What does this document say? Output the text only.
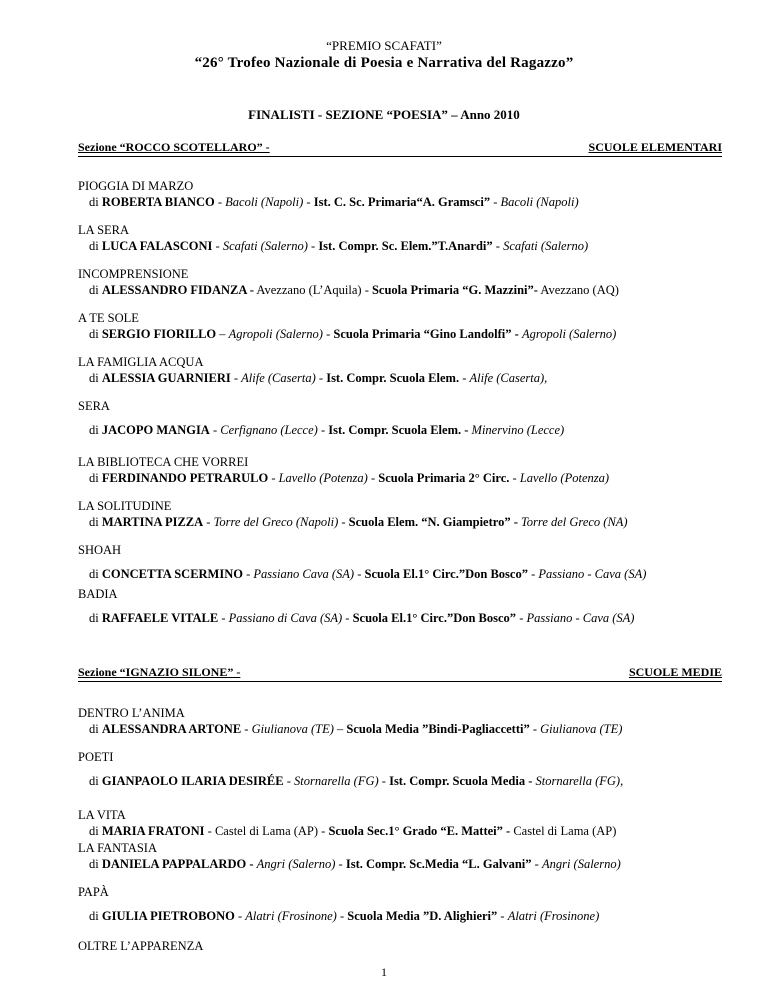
“PREMIO SCAFATI”
“26° Trofeo Nazionale di Poesia e Narrativa del Ragazzo”
FINALISTI - SEZIONE “POESIA” – Anno 2010
Sezione “ROCCO SCOTELLARO” -	SCUOLE ELEMENTARI
PIOGGIA DI MARZO
di ROBERTA BIANCO - Bacoli (Napoli) - Ist. C. Sc. Primaria“A. Gramsci” - Bacoli (Napoli)
LA SERA
di LUCA FALASCONI - Scafati (Salerno) - Ist. Compr. Sc. Elem.”T.Anardi” - Scafati (Salerno)
INCOMPRENSIONE
di ALESSANDRO FIDANZA - Avezzano (L’Aquila) - Scuola Primaria “G. Mazzini”- Avezzano (AQ)
A TE SOLE
di SERGIO FIORILLO – Agropoli (Salerno) - Scuola Primaria “Gino Landolfi” - Agropoli (Salerno)
LA FAMIGLIA ACQUA
di ALESSIA GUARNIERI - Alife (Caserta) - Ist. Compr. Scuola Elem. - Alife (Caserta),
SERA
di JACOPO MANGIA - Cerfignano (Lecce) - Ist. Compr. Scuola Elem. - Minervino (Lecce)
LA BIBLIOTECA CHE VORREI
di FERDINANDO PETRARULO - Lavello (Potenza) - Scuola Primaria 2° Circ. - Lavello (Potenza)
LA SOLITUDINE
di MARTINA PIZZA - Torre del Greco (Napoli) - Scuola Elem. “N. Giampietro” - Torre del Greco (NA)
SHOAH
di CONCETTA SCERMINO - Passiano Cava (SA) - Scuola El.1° Circ.”Don Bosco” - Passiano - Cava (SA)
BADIA
di RAFFAELE VITALE - Passiano di Cava (SA) - Scuola El.1° Circ.”Don Bosco” - Passiano - Cava (SA)
Sezione “IGNAZIO SILONE” -	SCUOLE MEDIE
DENTRO L’ANIMA
di ALESSANDRA ARTONE - Giulianova (TE) – Scuola Media ”Bindi-Pagliaccetti” - Giulianova (TE)
POETI
di GIANPAOLO ILARIA DESIRÉE - Stornarella (FG) - Ist. Compr. Scuola Media - Stornarella (FG),
LA VITA
di MARIA FRATONI - Castel di Lama (AP) - Scuola Sec.1° Grado “E. Mattei” - Castel di Lama (AP)
LA FANTASIA
di DANIELA PAPPALARDO - Angri (Salerno) - Ist. Compr. Sc.Media “L. Galvani” - Angri (Salerno)
PAPÀ
di GIULIA PIETROBONO - Alatri (Frosinone) - Scuola Media ”D. Alighieri” - Alatri (Frosinone)
OLTRE L’APPARENZA
1
